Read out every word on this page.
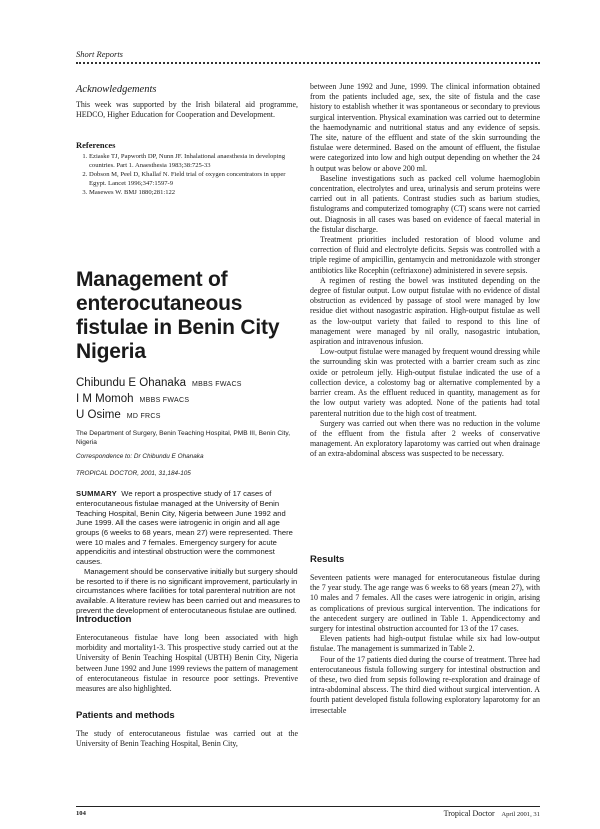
Short Reports
Acknowledgements

This week was supported by the Irish bilateral aid programme, HEDCO, Higher Education for Cooperation and Development.

References
1. Eziaske TJ, Papworth DP, Nunn JF. Inhalational anaesthesia in developing countries. Part 1. Anaesthesia 1983;38:725-33
2. Dobson M, Peel D, Khallaf N. Field trial of oxygen concentrators in upper Egypt. Lancet 1996;347:1597-9
3. Masewes W. BMJ 1880;281:122
Management of enterocutaneous fistulae in Benin City Nigeria

Chibundu E Ohanaka MBBS FWACS

I M Momoh MBBS FWACS

U Osime MD FRCS

The Department of Surgery, Benin Teaching Hospital, PMB III, Benin City, Nigeria
Correspondence to: Dr Chibundu E Ohanaka
TROPICAL DOCTOR, 2001, 31,184-105

SUMMARY We report a prospective study of 17 cases of enterocutaneous fistulae managed at the University of Benin Teaching Hospital, Benin City, Nigeria between June 1992 and June 1999. All the cases were iatrogenic in origin and all age groups (6 weeks to 68 years, mean 27) were represented. There were 10 males and 7 females. Emergency surgery for acute appendicitis and intestinal obstruction were the commonest causes.

Management should be conservative initially but surgery should be resorted to if there is no significant improvement, particularly in circumstances where facilities for total parenteral nutrition are not available. A literature review has been carried out and measures to prevent the development of enterocutaneous fistulae are outlined.

Introduction

Enterocutaneous fistulae have long been associated with high morbidity and mortality1-3. This prospective study carried out at the University of Benin Teaching Hospital (UBTH) Benin City, Nigeria between June 1992 and June 1999 reviews the pattern of management of enterocutaneous fistulae in resource poor settings. Preventive measures are also highlighted.

Patients and methods

The study of enterocutaneous fistulae was carried out at the University of Benin Teaching Hospital, Benin City,

between June 1992 and June, 1999. The clinical information obtained from the patients included age, sex, the site of fistula and the case history to establish whether it was spontaneous or secondary to previous surgical intervention. Physical examination was carried out to determine the haemodynamic and nutritional status and any evidence of sepsis. The site, nature of the effluent and state of the skin surrounding the fistulae were determined. Based on the amount of effluent, the fistulae were categorized into low and high output depending on whether the 24 h output was below or above 200 ml.

Baseline investigations such as packed cell volume haemoglobin concentration, electrolytes and urea, urinalysis and serum proteins were carried out in all patients. Contrast studies such as barium studies, fistulograms and computerized tomography (CT) scans were not carried out. Diagnosis in all cases was based on evidence of faecal material in the fistular discharge.

Treatment priorities included restoration of blood volume and correction of fluid and electrolyte deficits. Sepsis was controlled with a triple regime of ampicillin, gentamycin and metronidazole with stronger antibiotics like Rocephin (ceftriaxone) administered in severe sepsis.

A regimen of resting the bowel was instituted depending on the degree of fistular output. Low output fistulae with no evidence of distal obstruction as evidenced by passage of stool were managed by low residue diet without nasogastric aspiration. High-output fistulae as well as the low-output variety that failed to respond to this line of management were managed by nil orally, nasogastric intubation, aspiration and intravenous infusion.

Low-output fistulae were managed by frequent wound dressing while the surrounding skin was protected with a barrier cream such as zinc oxide or petroleum jelly. High-output fistulae indicated the use of a collection device, a colostomy bag or alternative complemented by a barrier cream. As the effluent reduced in quantity, management as for the low output variety was adopted. None of the patients had total parenteral nutrition due to the high cost of treatment.

Surgery was carried out when there was no reduction in the volume of the effluent from the fistula after 2 weeks of conservative management. An exploratory laparotomy was carried out when drainage of an extra-abdominal abscess was suspected to be necessary.

Results

Seventeen patients were managed for enterocutaneous fistulae during the 7 year study. The age range was 6 weeks to 68 years (mean 27), with 10 males and 7 females. All the cases were iatrogenic in origin, arising as complications of previous surgical intervention. The indications for the antecedent surgery are outlined in Table 1. Appendicectomy and surgery for intestinal obstruction accounted for 13 of the 17 cases.

Eleven patients had high-output fistulae while six had low-output fistulae. The management is summarized in Table 2.

Four of the 17 patients died during the course of treatment. Three had enterocutaneous fistula following surgery for intestinal obstruction and of these, two died from sepsis following re-exploration and drainage of intra-abdominal abscess. The third died without surgical intervention. A fourth patient developed fistula following exploratory laparotomy for an irresectable

104	Tropical Doctor April 2001, 31
